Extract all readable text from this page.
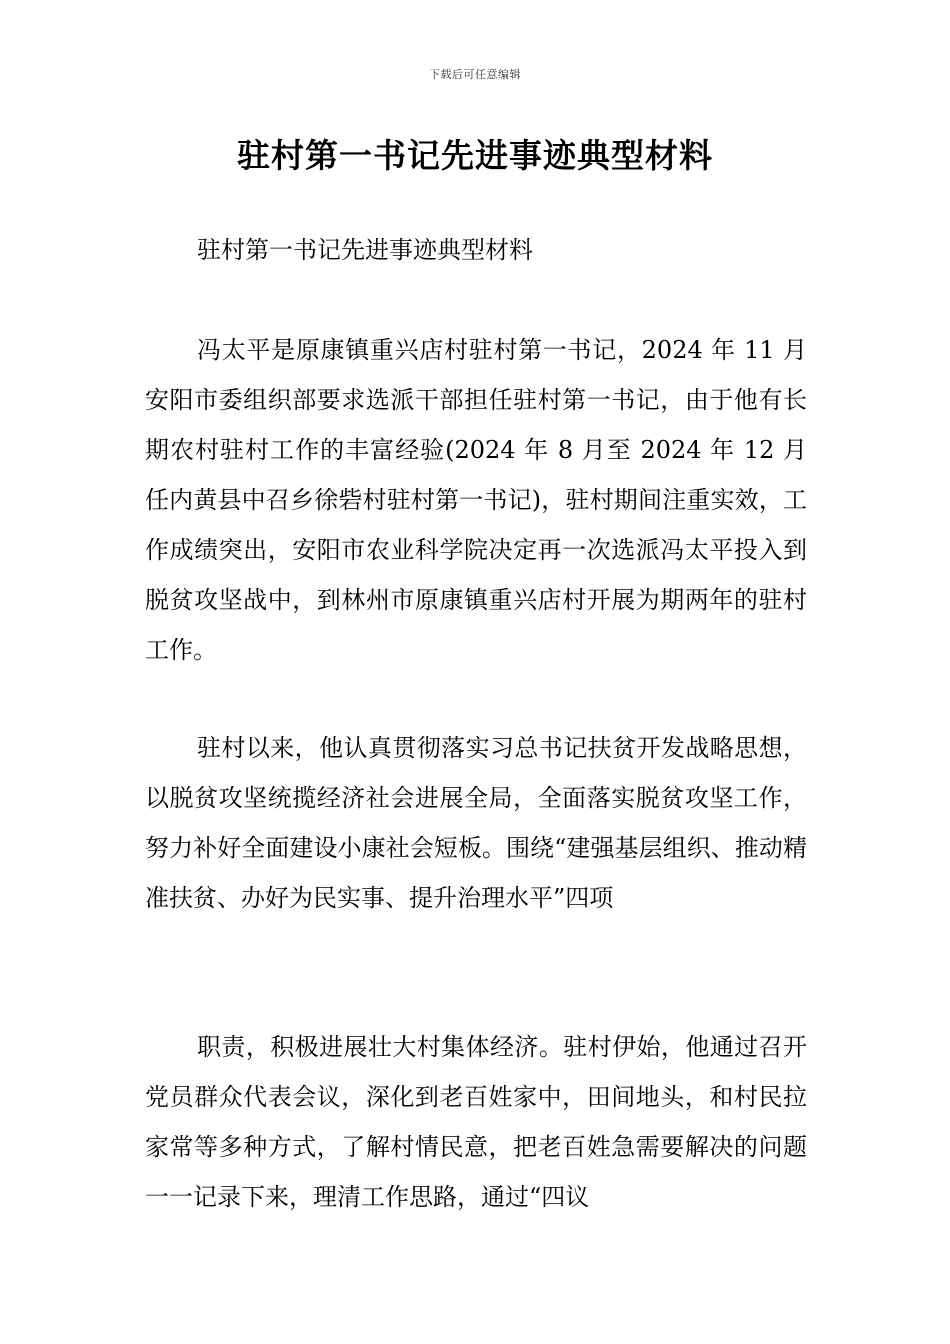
下载后可任意编辑
驻村第一书记先进事迹典型材料

驻村第一书记先进事迹典型材料

冯太平是原康镇重兴店村驻村第一书记，2024 年 11 月安阳市委组织部要求选派干部担任驻村第一书记，由于他有长期农村驻村工作的丰富经验(2024 年 8 月至 2024 年 12 月任内黄县中召乡徐砦村驻村第一书记)，驻村期间注重实效，工作成绩突出，安阳市农业科学院决定再一次选派冯太平投入到脱贫攻坚战中，到林州市原康镇重兴店村开展为期两年的驻村工作。

驻村以来，他认真贯彻落实习总书记扶贫开发战略思想，以脱贫攻坚统揽经济社会进展全局，全面落实脱贫攻坚工作，努力补好全面建设小康社会短板。围绕“建强基层组织、推动精准扶贫、办好为民实事、提升治理水平”四项

职责，积极进展壮大村集体经济。驻村伊始，他通过召开党员群众代表会议，深化到老百姓家中，田间地头，和村民拉家常等多种方式，了解村情民意，把老百姓急需要解决的问题一一记录下来，理清工作思路，通过“四议
